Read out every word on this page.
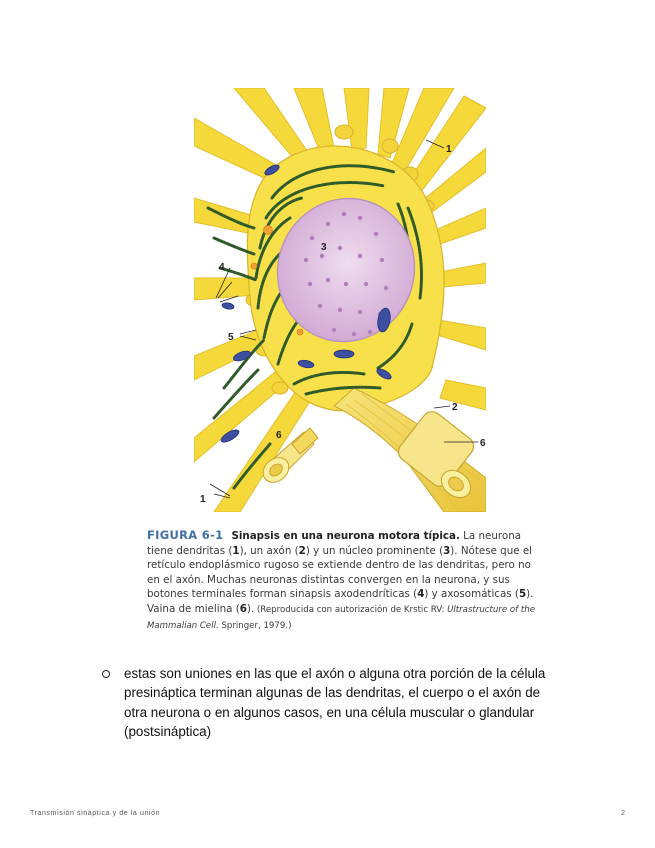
1
3
4
5
2
6
6
1
FIGURA 6-1 Sinapsis en una neurona motora típica. La neurona tiene dendritas (1), un axón (2) y un núcleo prominente (3). Nótese que el retículo endoplásmico rugoso se extiende dentro de las dendritas, pero no en el axón. Muchas neuronas distintas convergen en la neurona, y sus botones terminales forman sinapsis axodendríticas (4) y axosomáticas (5). Vaina de mielina (6). (Reproducida con autorización de Krstic RV: Ultrastructure of the Mammalian Cell. Springer, 1979.)
estas son uniones en las que el axón o alguna otra porción de la célula presináptica terminan algunas de las dendritas, el cuerpo o el axón de otra neurona o en algunos casos, en una célula muscular o glandular (postsináptica)
Transmisión sináptica y de la unión	2
